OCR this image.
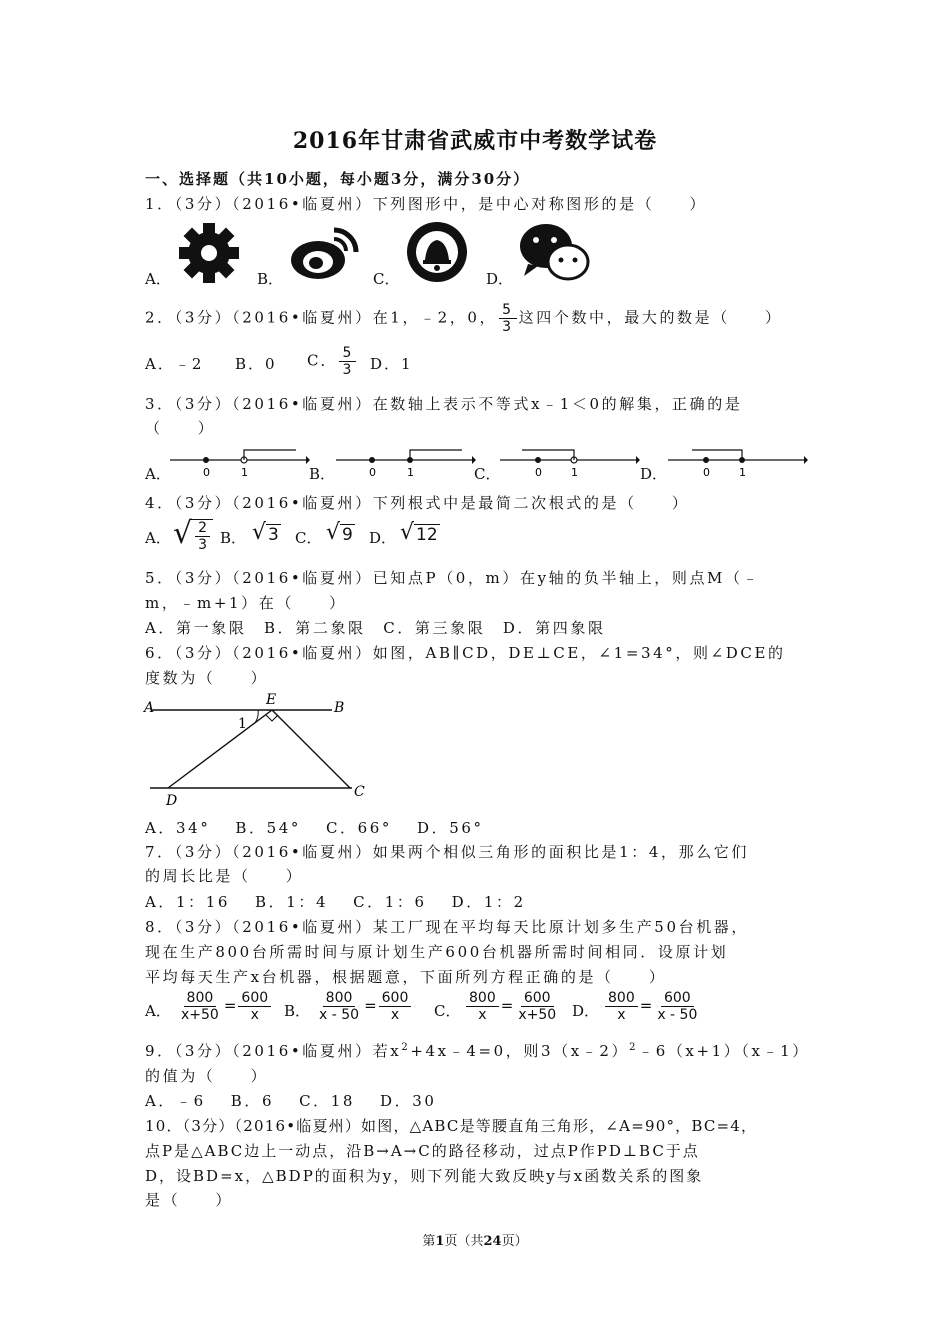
2016年甘肃省武威市中考数学试卷
一、选择题（共10小题，每小题3分，满分30分）
1．（3分）（2016•临夏州）下列图形中，是中心对称图形的是（　　）
A．	B．	C．	D．
2．（3分）（2016•临夏州）在1，﹣2，0， $\frac{5}{3}$ 这四个数中，最大的数是（　　）
A．﹣2 B．0 C． $\frac{5}{3}$ D．1
3．（3分）（2016•临夏州）在数轴上表示不等式x﹣1＜0的解集，正确的是
（　　）
A．	0	1	B．	0	1	C．	0	1	D．	0	1
4．（3分）（2016•临夏州）下列根式中是最简二次根式的是（　　）
A． √ $\frac{2}{3}$ B． √ 3 C． √ 9 D． √ 12
5．（3分）（2016•临夏州）已知点P（0，m）在y轴的负半轴上，则点M（﹣
m，﹣m+1）在（　　）
A．第一象限　B．第二象限　C．第三象限　D．第四象限
6．（3分）（2016•临夏州）如图，AB∥CD，DE⊥CE，∠1=34°，则∠DCE的
度数为（　　）
A	B
E
1
D
C
A．34°　 B．54°　 C．66°　 D．56°
7．（3分）（2016•临夏州）如果两个相似三角形的面积比是1：4，那么它们
的周长比是（　　）
A．1：16　 B．1：4　 C．1：6　 D．1：2
8．（3分）（2016•临夏州）某工厂现在平均每天比原计划多生产50台机器，
现在生产800台所需时间与原计划生产600台机器所需时间相同．设原计划
平均每天生产x台机器，根据题意，下面所列方程正确的是（　　）
A． $\frac{800}{x+50} = \frac{600}{x}$ B． $\frac{800}{x - 50} = \frac{600}{x}$ C． $\frac{800}{x} = \frac{600}{x+50}$ D． $\frac{800}{x} = \frac{600}{x - 50}$
9．（3分）（2016•临夏州）若$x^2+4x﹣4=0$，则3（x﹣2）$^2$﹣6（x+1）（x﹣1）
的值为（　　）
A．﹣6　 B．6　 C．18　 D．30
10．（3分）（2016•临夏州）如图，△ABC是等腰直角三角形，∠A=90°，BC=4，
点P是△ABC边上一动点，沿B→A→C的路径移动，过点P作PD⊥BC于点
D，设BD=x，△BDP的面积为y，则下列能大致反映y与x函数关系的图象
是（　　）
第1页（共24页）
